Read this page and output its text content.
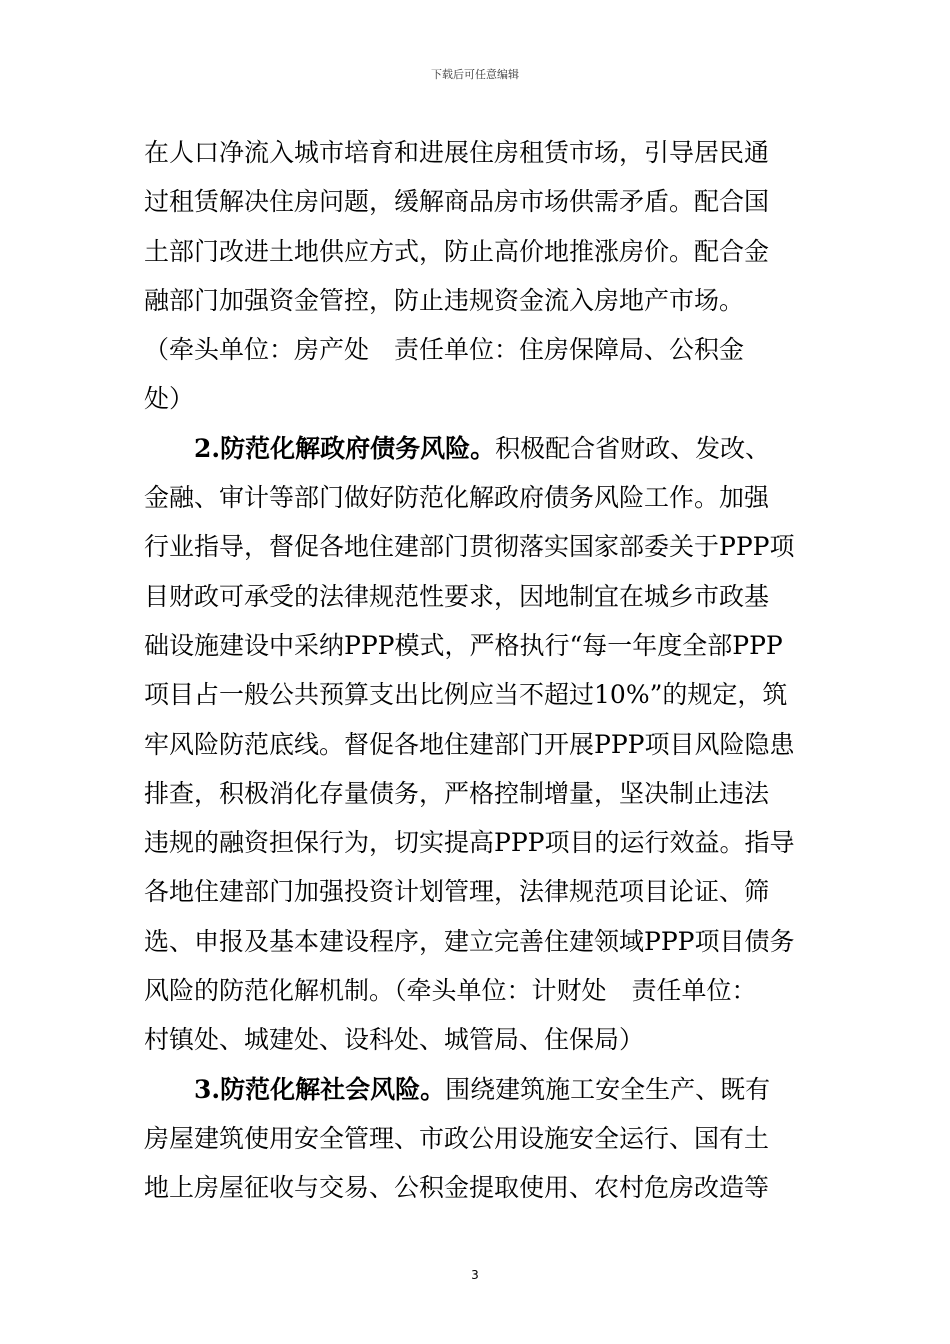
下载后可任意编辑
在人口净流入城市培育和进展住房租赁市场，引导居民通
过租赁解决住房问题，缓解商品房市场供需矛盾。配合国
土部门改进土地供应方式，防止高价地推涨房价。配合金
融部门加强资金管控，防止违规资金流入房地产市场。
（牵头单位：房产处　责任单位：住房保障局、公积金
处）
　　2.防范化解政府债务风险。积极配合省财政、发改、
金融、审计等部门做好防范化解政府债务风险工作。加强
行业指导，督促各地住建部门贯彻落实国家部委关于PPP项
目财政可承受的法律规范性要求，因地制宜在城乡市政基
础设施建设中采纳PPP模式，严格执行“每一年度全部PPP
项目占一般公共预算支出比例应当不超过10%”的规定，筑
牢风险防范底线。督促各地住建部门开展PPP项目风险隐患
排查，积极消化存量债务，严格控制增量，坚决制止违法
违规的融资担保行为，切实提高PPP项目的运行效益。指导
各地住建部门加强投资计划管理，法律规范项目论证、筛
选、申报及基本建设程序，建立完善住建领域PPP项目债务
风险的防范化解机制。（牵头单位：计财处　责任单位：
村镇处、城建处、设科处、城管局、住保局）
　　3.防范化解社会风险。围绕建筑施工安全生产、既有
房屋建筑使用安全管理、市政公用设施安全运行、国有土
地上房屋征收与交易、公积金提取使用、农村危房改造等
3
